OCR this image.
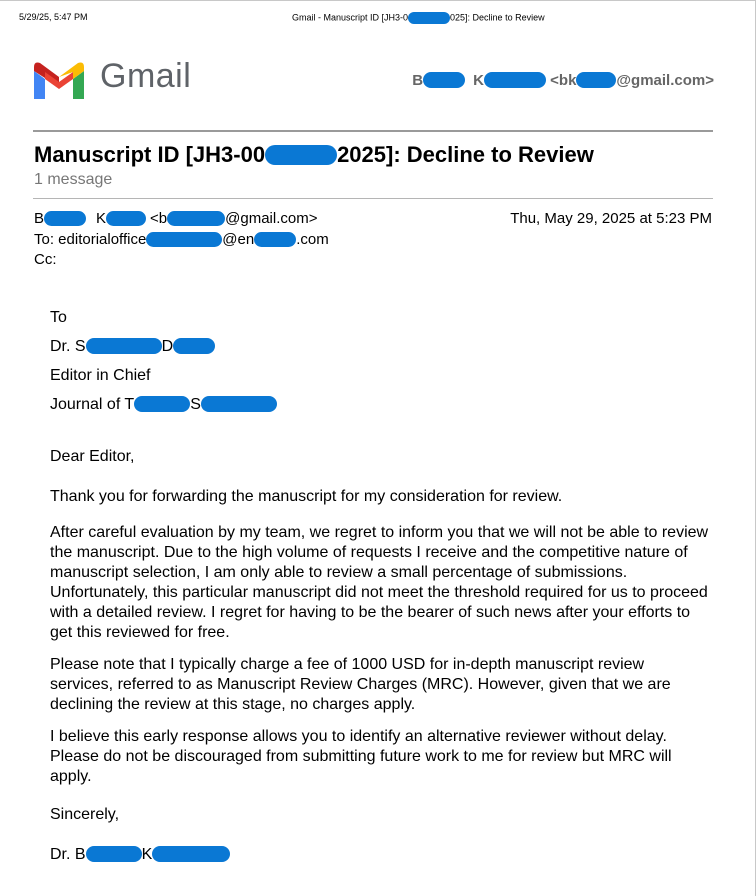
5/29/25, 5:47 PM	Gmail - Manuscript ID [JH3-0	025]: Decline to Review
Gmail	B	K	<bk	@gmail.com>
Manuscript ID [JH3-00	2025]: Decline to Review
1 message
B	K	<b	@gmail.com>	Thu, May 29, 2025 at 5:23 PM
To: editorialoffice	@en	.com
Cc:

To

Dr. S	D

Editor in Chief

Journal of T	S

Dear Editor,

Thank you for forwarding the manuscript for my consideration for review.

After careful evaluation by my team, we regret to inform you that we will not be able to review the manuscript. Due to the high volume of requests I receive and the competitive nature of manuscript selection, I am only able to review a small percentage of submissions. Unfortunately, this particular manuscript did not meet the threshold required for us to proceed with a detailed review. I regret for having to be the bearer of such news after your efforts to get this reviewed for free.

Please note that I typically charge a fee of 1000 USD for in-depth manuscript review services, referred to as Manuscript Review Charges (MRC). However, given that we are declining the review at this stage, no charges apply.

I believe this early response allows you to identify an alternative reviewer without delay. Please do not be discouraged from submitting future work to me for review but MRC will apply.

Sincerely,

Dr. B	K
